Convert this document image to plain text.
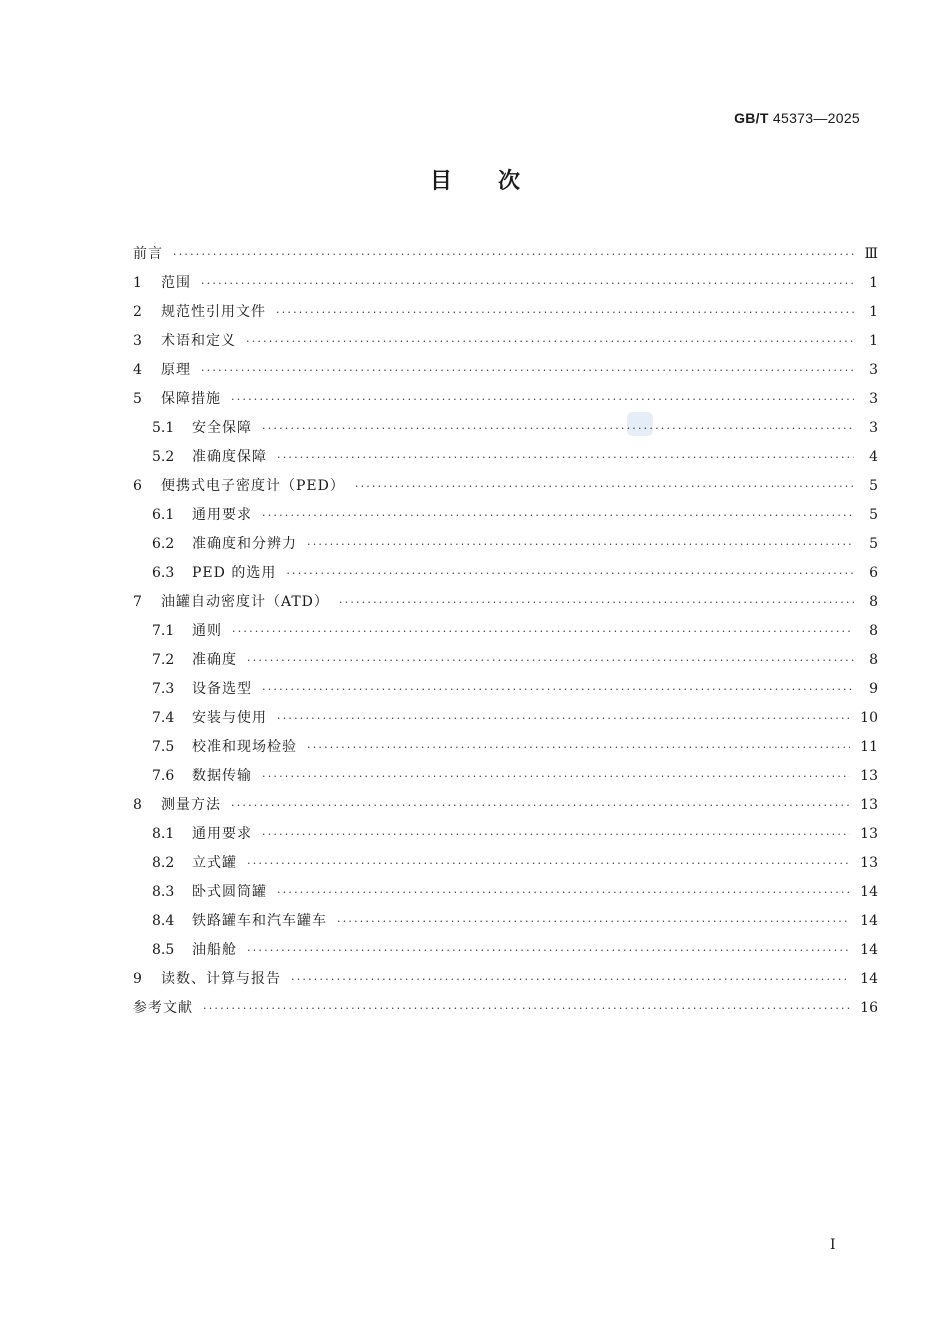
GB/T 45373—2025
目次
前言 ·····	Ⅲ
1	范围 ·····	1
2	规范性引用文件 ·····	1
3	术语和定义 ·····	1
4	原理 ·····	3
5	保障措施 ·····	3
5.1	安全保障 ·····	3
5.2	准确度保障 ·····	4
6	便携式电子密度计（PED） ·····	5
6.1	通用要求 ·····	5
6.2	准确度和分辨力 ·····	5
6.3	PED 的选用 ·····	6
7	油罐自动密度计（ATD） ·····	8
7.1	通则 ·····	8
7.2	准确度 ·····	8
7.3	设备选型 ·····	9
7.4	安装与使用 ·····	10
7.5	校准和现场检验 ·····	11
7.6	数据传输 ·····	13
8	测量方法 ·····	13
8.1	通用要求 ·····	13
8.2	立式罐 ·····	13
8.3	卧式圆筒罐 ·····	14
8.4	铁路罐车和汽车罐车 ·····	14
8.5	油船舱 ·····	14
9	读数、计算与报告 ·····	14
参考文献 ·····	16
Ⅰ
